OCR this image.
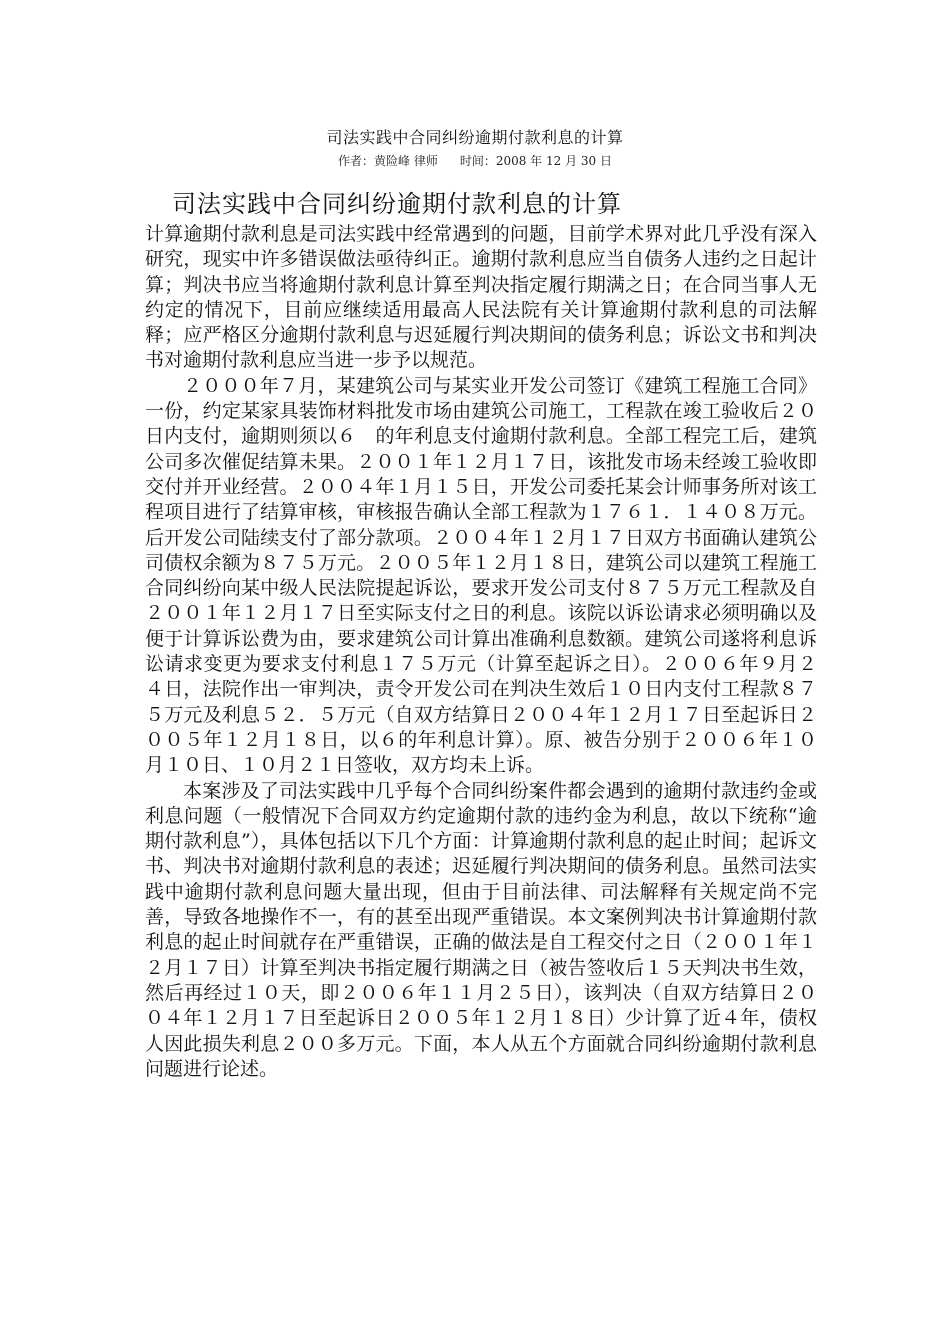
司法实践中合同纠纷逾期付款利息的计算
作者：黄险峰 律师 时间：2008 年 12 月 30 日
司法实践中合同纠纷逾期付款利息的计算

计算逾期付款利息是司法实践中经常遇到的问题，目前学术界对此几乎没有深入研究，现实中许多错误做法亟待纠正。逾期付款利息应当自债务人违约之日起计算；判决书应当将逾期付款利息计算至判决指定履行期满之日；在合同当事人无约定的情况下，目前应继续适用最高人民法院有关计算逾期付款利息的司法解释；应严格区分逾期付款利息与迟延履行判决期间的债务利息；诉讼文书和判决书对逾期付款利息应当进一步予以规范。

２０００年７月，某建筑公司与某实业开发公司签订《建筑工程施工合同》一份，约定某家具装饰材料批发市场由建筑公司施工，工程款在竣工验收后２０日内支付，逾期则须以６　的年利息支付逾期付款利息。全部工程完工后，建筑公司多次催促结算未果。２００１年１２月１７日，该批发市场未经竣工验收即交付并开业经营。２００４年１月１５日，开发公司委托某会计师事务所对该工程项目进行了结算审核，审核报告确认全部工程款为１７６１．１４０８万元。后开发公司陆续支付了部分款项。２００４年１２月１７日双方书面确认建筑公司债权余额为８７５万元。２００５年１２月１８日，建筑公司以建筑工程施工合同纠纷向某中级人民法院提起诉讼，要求开发公司支付８７５万元工程款及自２００１年１２月１７日至实际支付之日的利息。该院以诉讼请求必须明确以及便于计算诉讼费为由，要求建筑公司计算出准确利息数额。建筑公司遂将利息诉讼请求变更为要求支付利息１７５万元（计算至起诉之日）。２００６年９月２４日，法院作出一审判决，责令开发公司在判决生效后１０日内支付工程款８７５万元及利息５２．５万元（自双方结算日２００４年１２月１７日至起诉日２００５年１２月１８日，以６的年利息计算）。原、被告分别于２００６年１０月１０日、１０月２１日签收，双方均未上诉。

本案涉及了司法实践中几乎每个合同纠纷案件都会遇到的逾期付款违约金或利息问题（一般情况下合同双方约定逾期付款的违约金为利息，故以下统称“逾期付款利息”），具体包括以下几个方面：计算逾期付款利息的起止时间；起诉文书、判决书对逾期付款利息的表述；迟延履行判决期间的债务利息。虽然司法实践中逾期付款利息问题大量出现，但由于目前法律、司法解释有关规定尚不完善，导致各地操作不一，有的甚至出现严重错误。本文案例判决书计算逾期付款利息的起止时间就存在严重错误，正确的做法是自工程交付之日（２００１年１２月１７日）计算至判决书指定履行期满之日（被告签收后１５天判决书生效，然后再经过１０天，即２００６年１１月２５日），该判决（自双方结算日２００４年１２月１７日至起诉日２００５年１２月１８日）少计算了近４年，债权人因此损失利息２００多万元。下面，本人从五个方面就合同纠纷逾期付款利息问题进行论述。
